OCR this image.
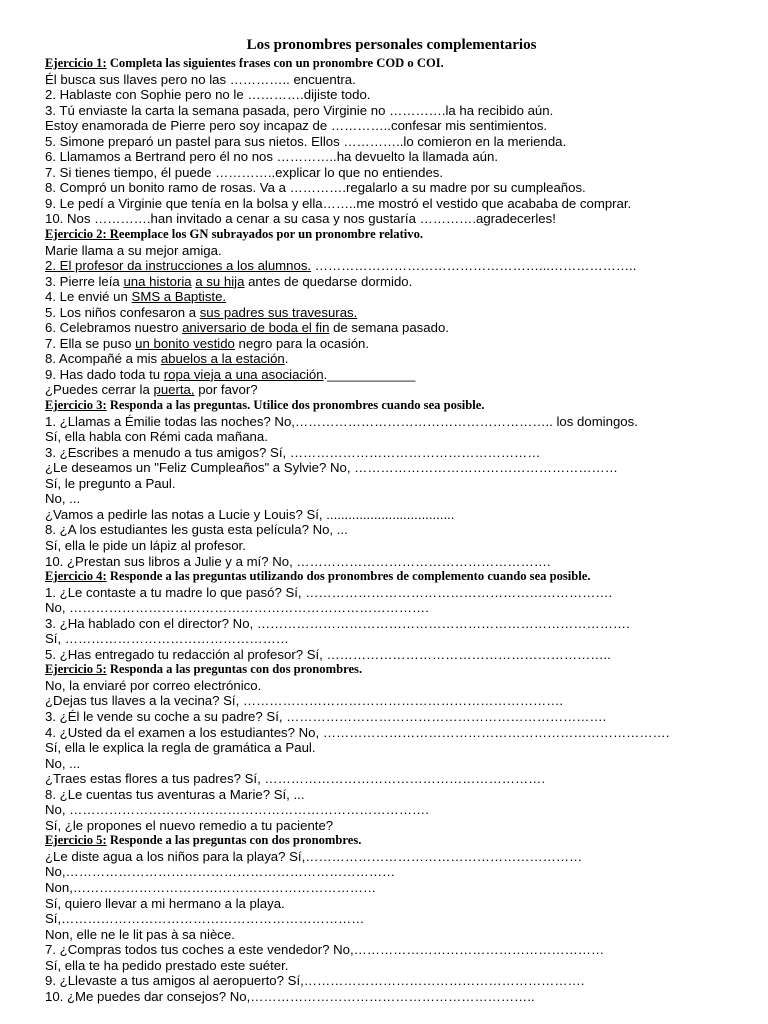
Los pronombres personales complementarios
Ejercicio 1: Completa las siguientes frases con un pronombre COD o COI.
Él busca sus llaves pero no las ………….. encuentra.
2. Hablaste con Sophie pero no le ………….dijiste todo.
3. Tú enviaste la carta la semana pasada, pero Virginie no ………….la ha recibido aún.
Estoy enamorada de Pierre pero soy incapaz de …………..confesar mis sentimientos.
5. Simone preparó un pastel para sus nietos. Ellos …………..lo comieron en la merienda.
6. Llamamos a Bertrand pero él no nos …………..ha devuelto la llamada aún.
7. Si tienes tiempo, él puede …………..explicar lo que no entiendes.
8. Compró un bonito ramo de rosas. Va a ………….regalarlo a su madre por su cumpleaños.
9. Le pedí a Virginie que tenía en la bolsa y ella……..me mostró el vestido que acababa de comprar.
10. Nos ………….han invitado a cenar a su casa y nos gustaría ………….agradecerles!
Ejercicio 2: Reemplace los GN subrayados por un pronombre relativo.
Marie llama a su mejor amiga.
2. El profesor da instrucciones a los alumnos. ……………………………………………...………………..
3. Pierre leía una historia a su hija antes de quedarse dormido.
4. Le envié un SMS a Baptiste.
5. Los niños confesaron a sus padres sus travesuras.
6. Celebramos nuestro aniversario de boda el fin de semana pasado.
7. Ella se puso un bonito vestido negro para la ocasión.
8. Acompañé a mis abuelos a la estación.
9. Has dado toda tu ropa vieja a una asociación.____________
¿Puedes cerrar la puerta, por favor?
Ejercicio 3: Responda a las preguntas. Utilice dos pronombres cuando sea posible.
1. ¿Llamas a Émilie todas las noches? No,………………………………………………….. los domingos.
Sí, ella habla con Rémi cada mañana.
3. ¿Escribes a menudo a tus amigos? Sí, …………………………………………………
¿Le deseamos un "Feliz Cumpleaños" a Sylvie? No, ……………………………………………………
Sí, le pregunto a Paul.
No, ...
¿Vamos a pedirle las notas a Lucie y Louis? Sí, ...................................
8. ¿A los estudiantes les gusta esta película? No, ...
Sí, ella le pide un lápiz al profesor.
10. ¿Prestan sus libros a Julie y a mí? No, ………………………………………………….
Ejercicio 4: Responde a las preguntas utilizando dos pronombres de complemento cuando sea posible.
1. ¿Le contaste a tu madre lo que pasó? Sí, …………………………………………………………….
No, ……………………………………………………………………….
3. ¿Ha hablado con el director? No, ………………………………………………………………………….
Sí, ……………………………………………
5. ¿Has entregado tu redacción al profesor? Sí, ………………………………………………………..
Ejercicio 5: Responda a las preguntas con dos pronombres.
No, la enviaré por correo electrónico.
¿Dejas tus llaves a la vecina? Sí, ……………………………………………………………….
3. ¿Él le vende su coche a su padre? Sí, ……………………………………………………………….
4. ¿Usted da el examen a los estudiantes? No, …………………………………………………………………….
Sí, ella le explica la regla de gramática a Paul.
No, ...
¿Traes estas flores a tus padres? Sí, ……………………………………………………….
8. ¿Le cuentas tus aventuras a Marie? Sí, ...
No, ……………………………………………………………………….
Sí, ¿le propones el nuevo remedio a tu paciente?
Ejercicio 5: Responde a las preguntas con dos pronombres.
¿Le diste agua a los niños para la playa? Sí,………………………………………………………
No,…………………………………………………………………
Non,……………………………………………………………
Sí, quiero llevar a mi hermano a la playa.
Sí,……………………………………………………………
Non, elle ne le lit pas à sa nièce.
7. ¿Compras todos tus coches a este vendedor? No,…………………………………………………
Sí, ella te ha pedido prestado este suéter.
9. ¿Llevaste a tus amigos al aeropuerto? Sí,……………………………………………………….
10. ¿Me puedes dar consejos? No,………………………………………………………..
